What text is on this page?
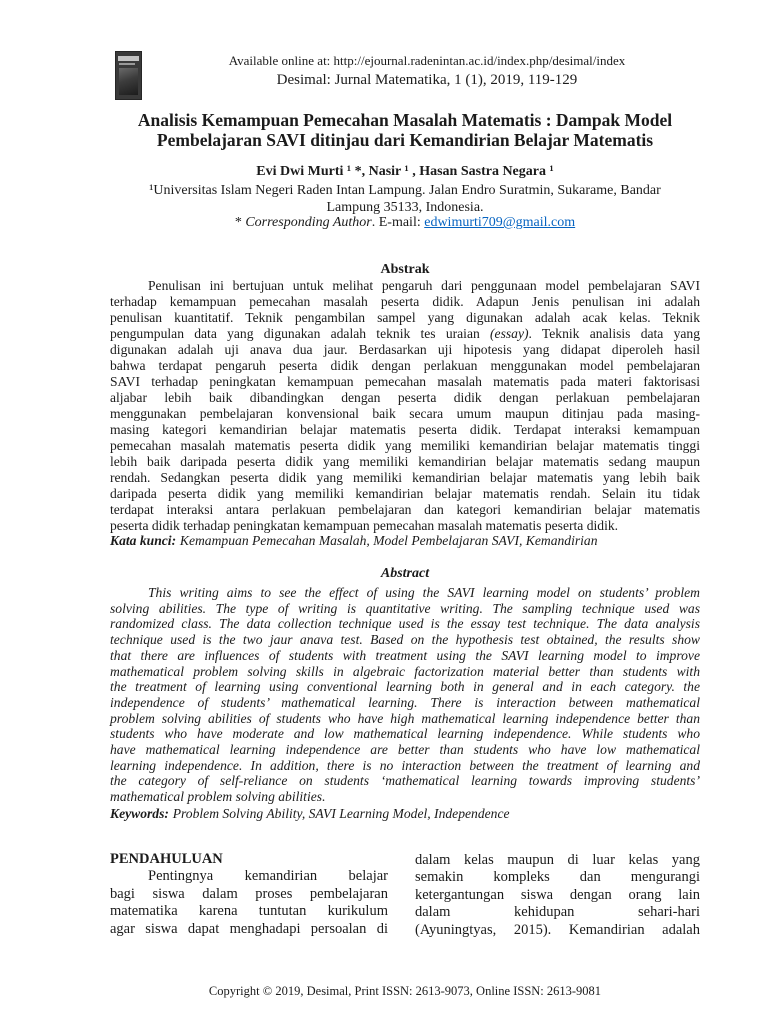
Available online at: http://ejournal.radenintan.ac.id/index.php/desimal/index
Desimal: Jurnal Matematika, 1 (1), 2019, 119-129
Analisis Kemampuan Pemecahan Masalah Matematis : Dampak Model
Pembelajaran SAVI ditinjau dari Kemandirian Belajar Matematis
Evi Dwi Murti ¹ *, Nasir ¹ , Hasan Sastra Negara ¹
¹Universitas Islam Negeri Raden Intan Lampung. Jalan Endro Suratmin, Sukarame, Bandar
Lampung 35133, Indonesia.
* Corresponding Author. E-mail: edwimurti709@gmail.com
Abstrak
Penulisan ini bertujuan untuk melihat pengaruh dari penggunaan model pembelajaran SAVI
terhadap kemampuan pemecahan masalah peserta didik. Adapun Jenis penulisan ini adalah
penulisan kuantitatif. Teknik pengambilan sampel yang digunakan adalah acak kelas. Teknik
pengumpulan data yang digunakan adalah teknik tes uraian (essay). Teknik analisis data yang
digunakan adalah uji anava dua jaur. Berdasarkan uji hipotesis yang didapat diperoleh hasil
bahwa terdapat pengaruh peserta didik dengan perlakuan menggunakan model pembelajaran
SAVI terhadap peningkatan kemampuan pemecahan masalah matematis pada materi faktorisasi
aljabar lebih baik dibandingkan dengan peserta didik dengan perlakuan pembelajaran
menggunakan pembelajaran konvensional baik secara umum maupun ditinjau pada masing-
masing kategori kemandirian belajar matematis peserta didik. Terdapat interaksi kemampuan
pemecahan masalah matematis peserta didik yang memiliki kemandirian belajar matematis tinggi
lebih baik daripada peserta didik yang memiliki kemandirian belajar matematis sedang maupun
rendah. Sedangkan peserta didik yang memiliki kemandirian belajar matematis yang lebih baik
daripada peserta didik yang memiliki kemandirian belajar matematis rendah. Selain itu tidak
terdapat interaksi antara perlakuan pembelajaran dan kategori kemandirian belajar matematis
peserta didik terhadap peningkatan kemampuan pemecahan masalah matematis peserta didik.
Kata kunci: Kemampuan Pemecahan Masalah, Model Pembelajaran SAVI, Kemandirian
Abstract
This writing aims to see the effect of using the SAVI learning model on students’ problem
solving abilities. The type of writing is quantitative writing. The sampling technique used was
randomized class. The data collection technique used is the essay test technique. The data analysis
technique used is the two jaur anava test. Based on the hypothesis test obtained, the results show
that there are influences of students with treatment using the SAVI learning model to improve
mathematical problem solving skills in algebraic factorization material better than students with
the treatment of learning using conventional learning both in general and in each category. the
independence of students’ mathematical learning. There is interaction between mathematical
problem solving abilities of students who have high mathematical learning independence better than
students who have moderate and low mathematical learning independence. While students who
have mathematical learning independence are better than students who have low mathematical
learning independence. In addition, there is no interaction between the treatment of learning and
the category of self-reliance on students ‘mathematical learning towards improving students’
mathematical problem solving abilities.
Keywords: Problem Solving Ability, SAVI Learning Model, Independence
PENDAHULUAN
Pentingnya kemandirian belajar
bagi siswa dalam proses pembelajaran
matematika karena tuntutan kurikulum
agar siswa dapat menghadapi persoalan di
dalam kelas maupun di luar kelas yang
semakin kompleks dan mengurangi
ketergantungan siswa dengan orang lain
dalam kehidupan sehari-hari
(Ayuningtyas, 2015). Kemandirian adalah
Copyright © 2019, Desimal, Print ISSN: 2613-9073, Online ISSN: 2613-9081
